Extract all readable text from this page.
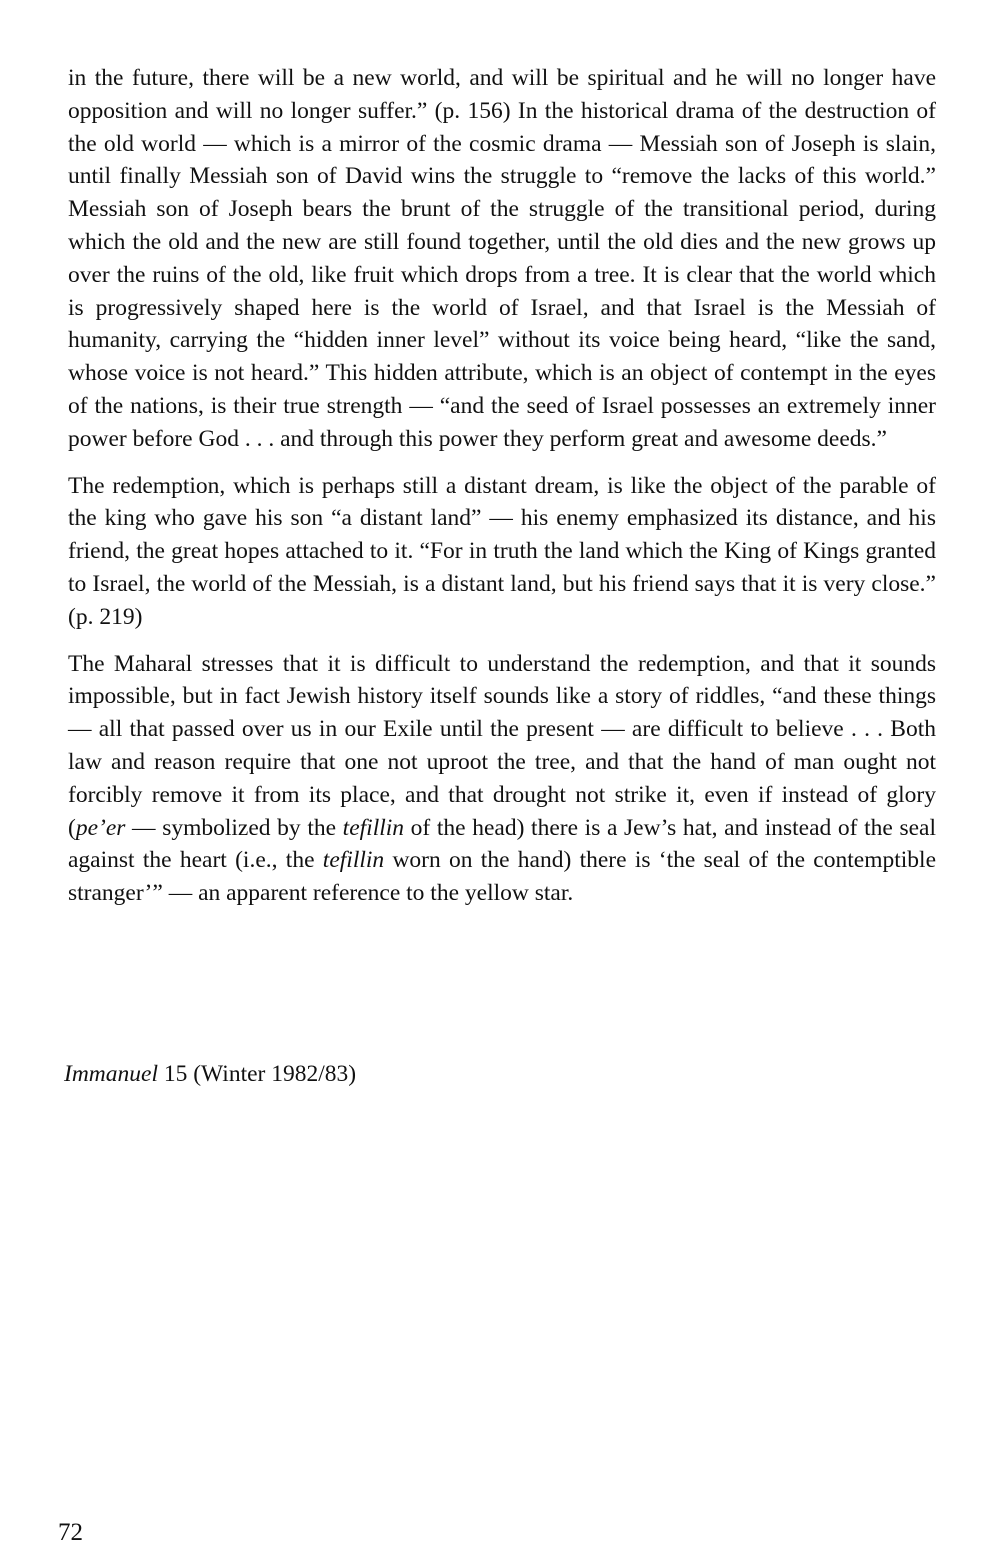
in the future, there will be a new world, and will be spiritual and he will no longer have opposition and will no longer suffer.” (p. 156) In the historical drama of the destruction of the old world — which is a mirror of the cosmic drama — Messiah son of Joseph is slain, until finally Messiah son of David wins the struggle to “remove the lacks of this world.” Messiah son of Joseph bears the brunt of the struggle of the transitional period, during which the old and the new are still found together, until the old dies and the new grows up over the ruins of the old, like fruit which drops from a tree. It is clear that the world which is progressively shaped here is the world of Israel, and that Israel is the Messiah of humanity, carrying the “hidden inner level” without its voice being heard, “like the sand, whose voice is not heard.” This hidden attribute, which is an object of contempt in the eyes of the nations, is their true strength — “and the seed of Israel possesses an extremely inner power before God . . . and through this power they perform great and awesome deeds.”

The redemption, which is perhaps still a distant dream, is like the object of the parable of the king who gave his son “a distant land” — his enemy emphasized its distance, and his friend, the great hopes attached to it. “For in truth the land which the King of Kings granted to Israel, the world of the Messiah, is a distant land, but his friend says that it is very close.” (p. 219)

The Maharal stresses that it is difficult to understand the redemption, and that it sounds impossible, but in fact Jewish history itself sounds like a story of riddles, “and these things — all that passed over us in our Exile until the present — are difficult to believe . . . Both law and reason require that one not uproot the tree, and that the hand of man ought not forcibly remove it from its place, and that drought not strike it, even if instead of glory (pe’er — symbolized by the tefillin of the head) there is a Jew’s hat, and instead of the seal against the heart (i.e., the tefillin worn on the hand) there is ‘the seal of the contemptible stranger’” — an apparent reference to the yellow star.

Immanuel 15 (Winter 1982/83)
72
